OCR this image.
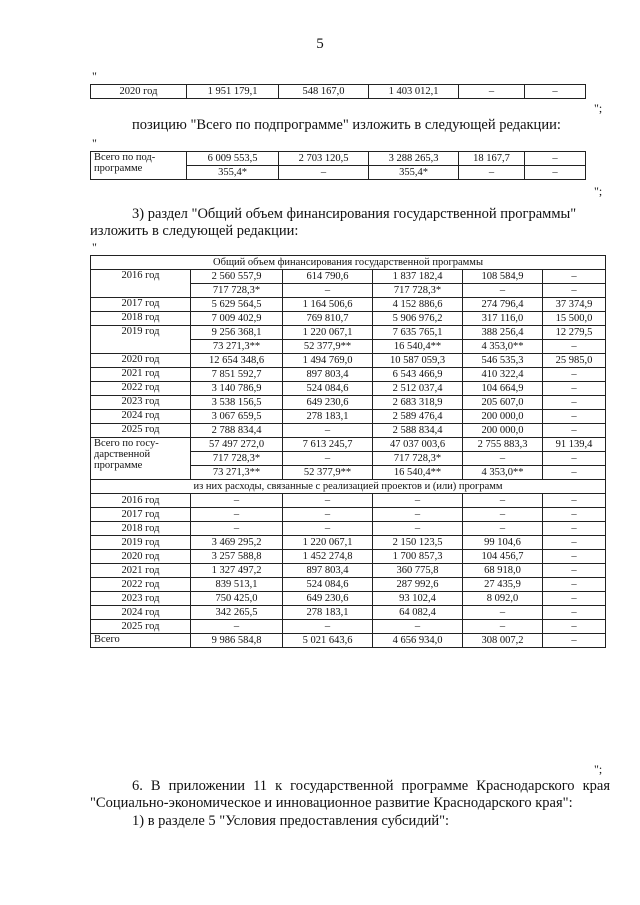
5
"
2020 год	1 951 179,1	548 167,0	1 403 012,1	–	–
";
позицию "Всего по подпрограмме" изложить в следующей редакции:
"
Всего по под-программе	6 009 553,5	2 703 120,5	3 288 265,3	18 167,7	–
	355,4*	–	355,4*	–	–
";
3) раздел "Общий объем финансирования государственной программы" изложить в следующей редакции:
"
Общий объем финансирования государственной программы					
2016 год	2 560 557,9	614 790,6	1 837 182,4	108 584,9	–
	717 728,3*	–	717 728,3*	–	–
2017 год	5 629 564,5	1 164 506,6	4 152 886,6	274 796,4	37 374,9
2018 год	7 009 402,9	769 810,7	5 906 976,2	317 116,0	15 500,0
2019 год	9 256 368,1	1 220 067,1	7 635 765,1	388 256,4	12 279,5
	73 271,3**	52 377,9**	16 540,4**	4 353,0**	–
2020 год	12 654 348,6	1 494 769,0	10 587 059,3	546 535,3	25 985,0
2021 год	7 851 592,7	897 803,4	6 543 466,9	410 322,4	–
2022 год	3 140 786,9	524 084,6	2 512 037,4	104 664,9	–
2023 год	3 538 156,5	649 230,6	2 683 318,9	205 607,0	–
2024 год	3 067 659,5	278 183,1	2 589 476,4	200 000,0	–
2025 год	2 788 834,4	–	2 588 834,4	200 000,0	–
Всего по госу-дарственной программе	57 497 272,0	7 613 245,7	47 037 003,6	2 755 883,3	91 139,4
	717 728,3*	–	717 728,3*	–	–
	73 271,3**	52 377,9**	16 540,4**	4 353,0**	–
из них расходы, связанные с реализацией проектов и (или) программ					
2016 год	–	–	–	–	–
2017 год	–	–	–	–	–
2018 год	–	–	–	–	–
2019 год	3 469 295,2	1 220 067,1	2 150 123,5	99 104,6	–
2020 год	3 257 588,8	1 452 274,8	1 700 857,3	104 456,7	–
2021 год	1 327 497,2	897 803,4	360 775,8	68 918,0	–
2022 год	839 513,1	524 084,6	287 992,6	27 435,9	–
2023 год	750 425,0	649 230,6	93 102,4	8 092,0	–
2024 год	342 265,5	278 183,1	64 082,4	–	–
2025 год	–	–	–	–	–
Всего	9 986 584,8	5 021 643,6	4 656 934,0	308 007,2	–
";
6. В приложении 11 к государственной программе Краснодарского края "Социально-экономическое и инновационное развитие Краснодарского края":
1) в разделе 5 "Условия предоставления субсидий":
